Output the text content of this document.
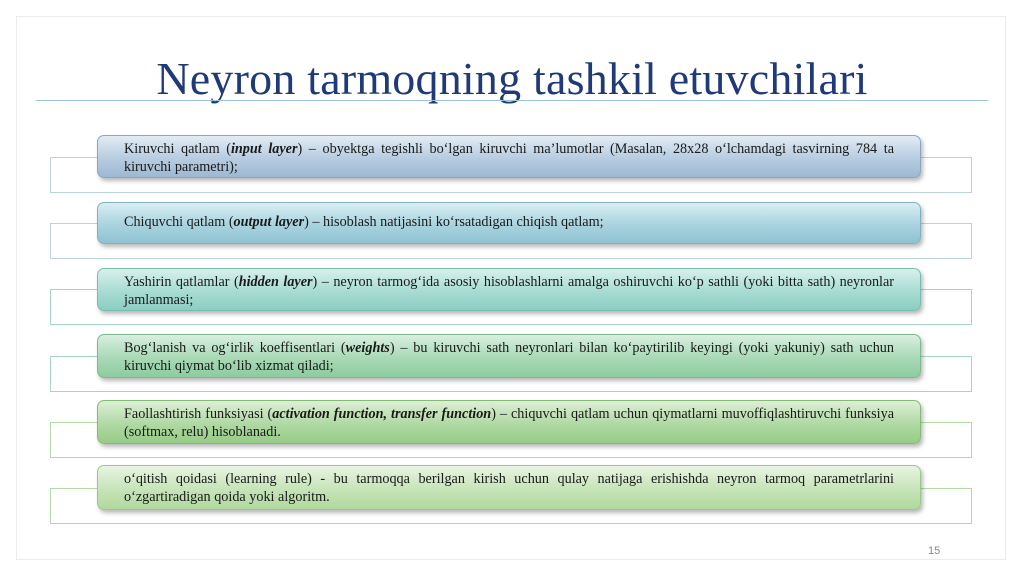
Neyron tarmoqning tashkil etuvchilari
Kiruvchi qatlam (input layer) – obyektga tegishli bo‘lgan kiruvchi ma’lumotlar (Masalan, 28x28 o‘lchamdagi tasvirning 784 ta kiruvchi parametri);
Chiquvchi qatlam (output layer) – hisoblash natijasini ko‘rsatadigan chiqish qatlam;
Yashirin qatlamlar (hidden layer) – neyron tarmog‘ida asosiy hisoblashlarni amalga oshiruvchi ko‘p sathli (yoki bitta sath) neyronlar jamlanmasi;
Bog‘lanish va og‘irlik koeffisentlari (weights) – bu kiruvchi sath neyronlari bilan ko‘paytirilib keyingi (yoki yakuniy) sath uchun kiruvchi qiymat bo‘lib xizmat qiladi;
Faollashtirish funksiyasi (activation function, transfer function) – chiquvchi qatlam uchun qiymatlarni muvoffiqlashtiruvchi funksiya (softmax, relu) hisoblanadi.
o‘qitish qoidasi (learning rule) - bu tarmoqqa berilgan kirish uchun qulay natijaga erishishda neyron tarmoq parametrlarini o‘zgartiradigan qoida yoki algoritm.
15
